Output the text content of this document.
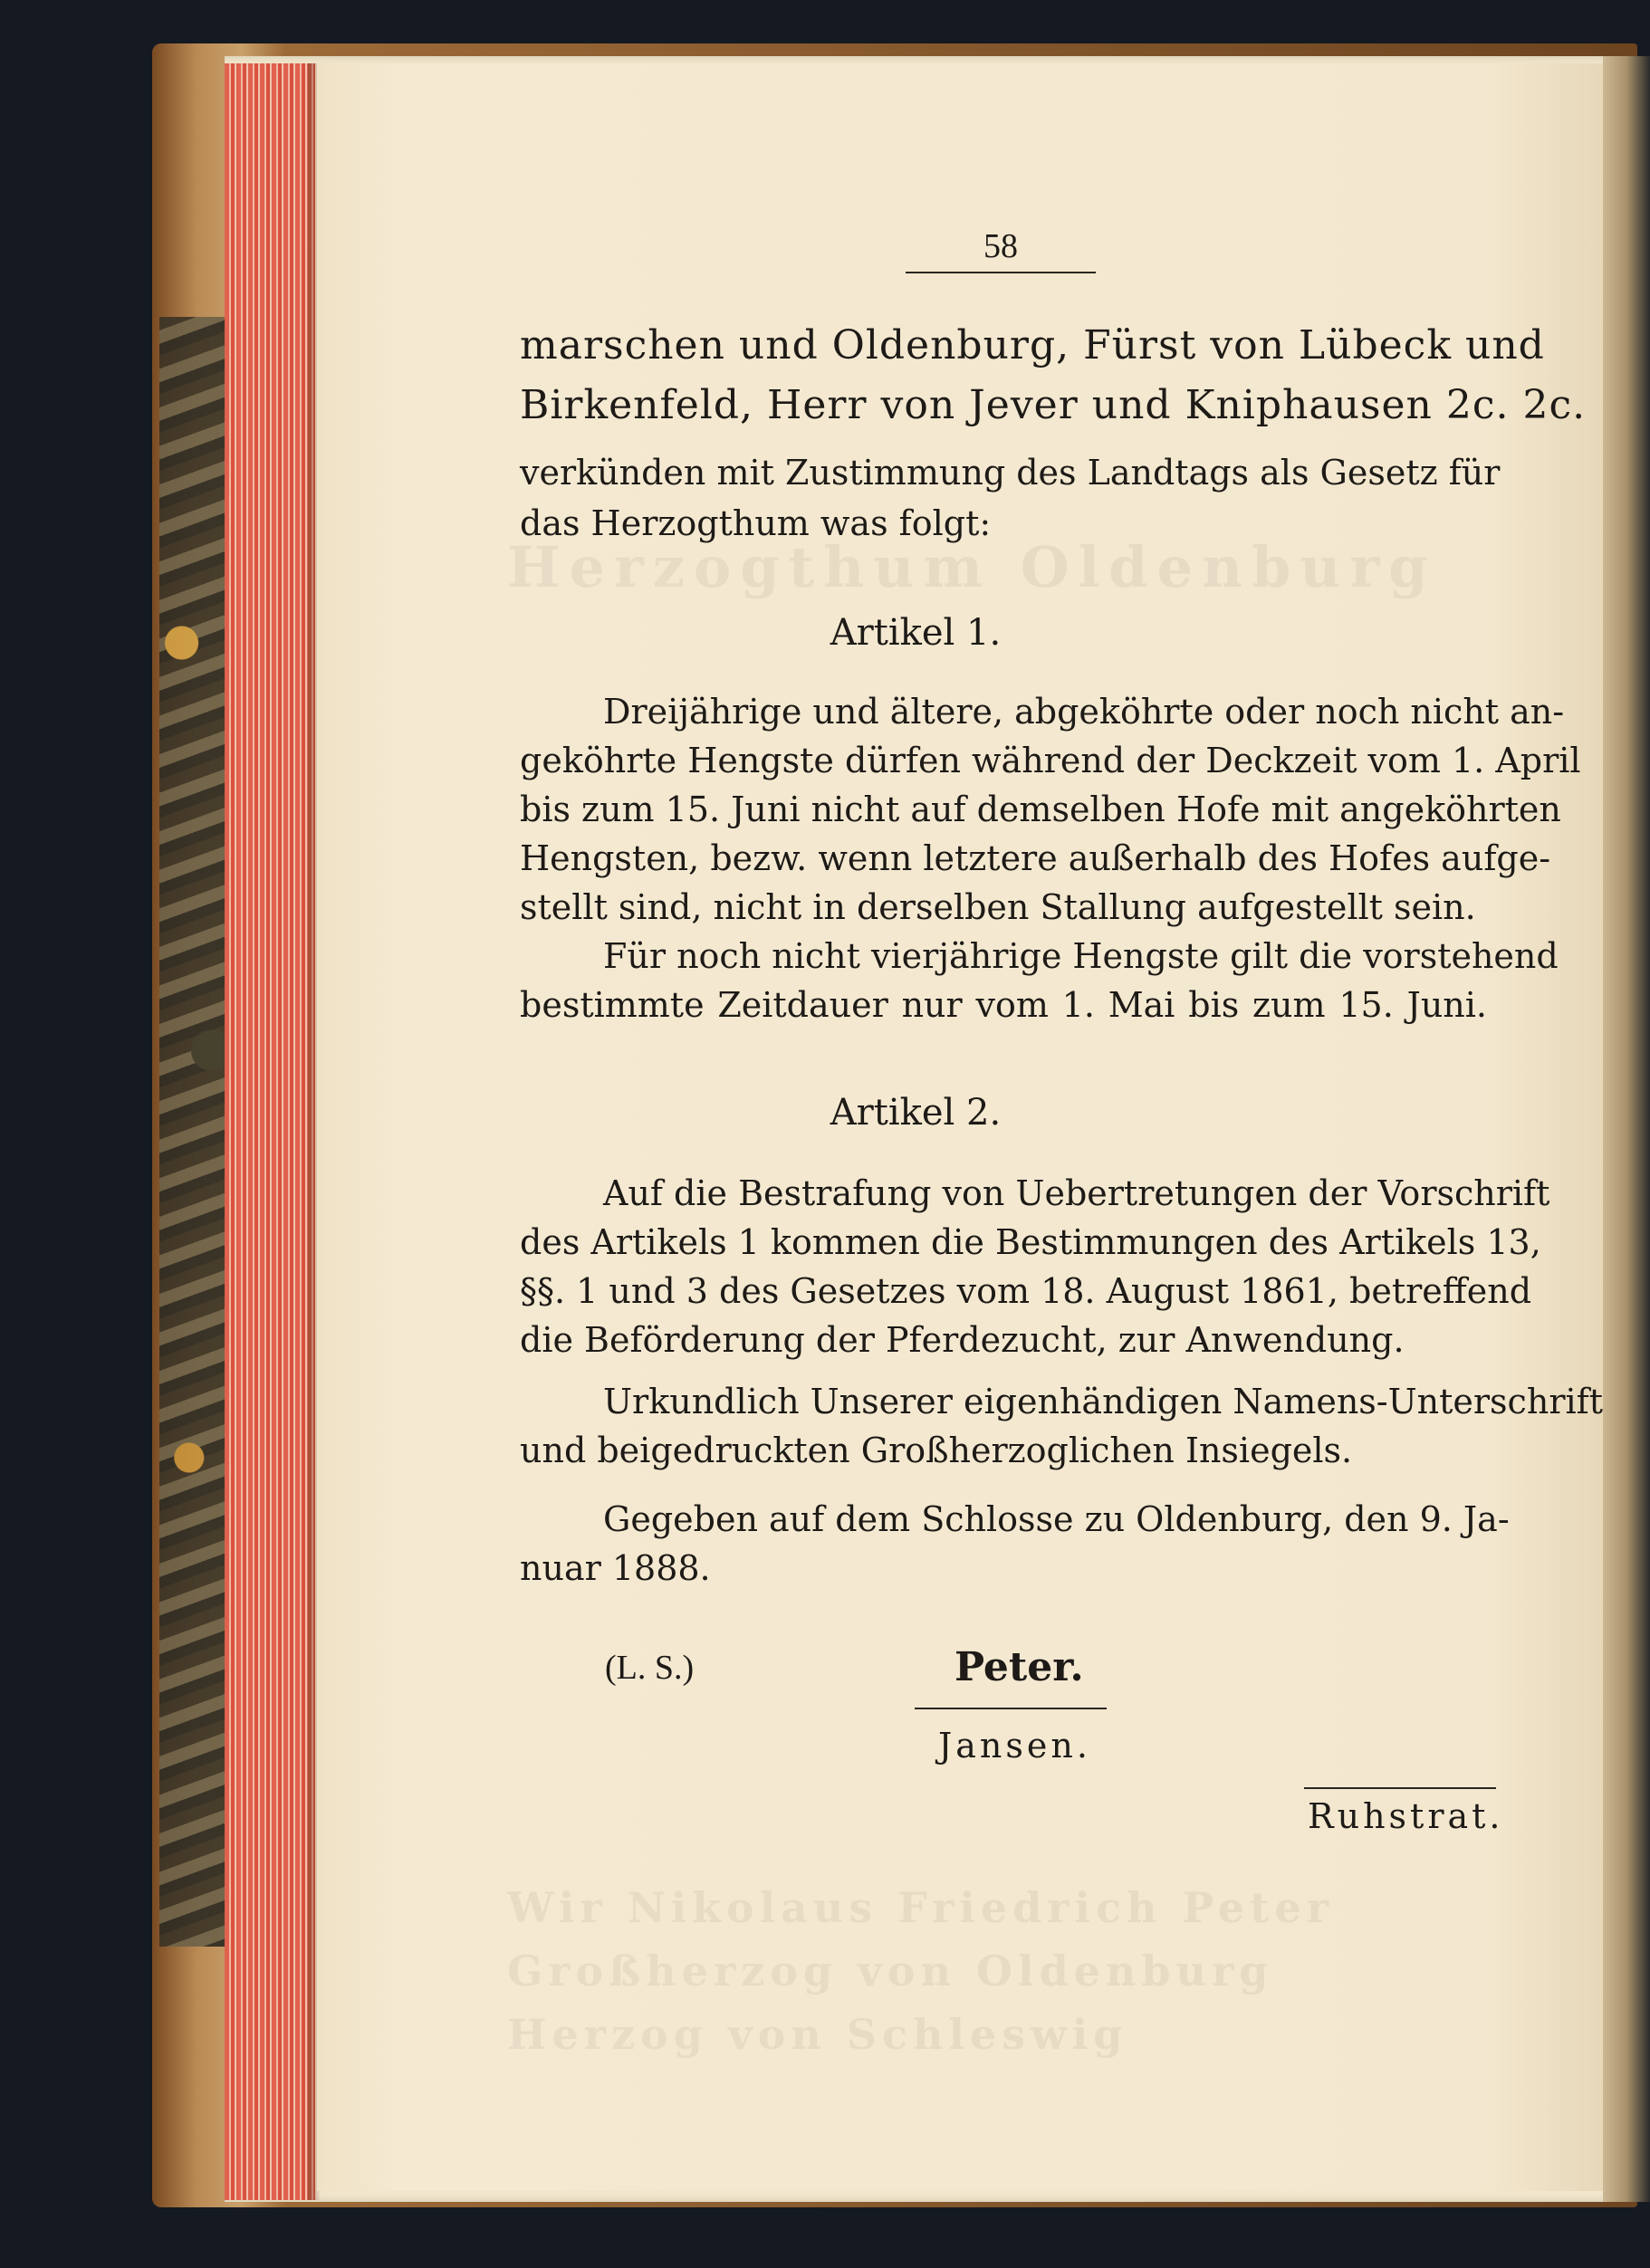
Herzogthum Oldenburg
Wir Nikolaus Friedrich Peter
Großherzog von Oldenburg
Herzog von Schleswig
58
marschen und Oldenburg, Fürst von Lübeck und
Birkenfeld, Herr von Jever und Kniphausen 2c. 2c.
verkünden mit Zustimmung des Landtags als Gesetz für
das Herzogthum was folgt:
Artikel 1.
Dreijährige und ältere, abgeköhrte oder noch nicht an-
geköhrte Hengste dürfen während der Deckzeit vom 1. April
bis zum 15. Juni nicht auf demselben Hofe mit angeköhrten
Hengsten, bezw. wenn letztere außerhalb des Hofes aufge-
stellt sind, nicht in derselben Stallung aufgestellt sein.
Für noch nicht vierjährige Hengste gilt die vorstehend
bestimmte Zeitdauer nur vom 1. Mai bis zum 15. Juni.
Artikel 2.
Auf die Bestrafung von Uebertretungen der Vorschrift
des Artikels 1 kommen die Bestimmungen des Artikels 13,
§§. 1 und 3 des Gesetzes vom 18. August 1861, betreffend
die Beförderung der Pferdezucht, zur Anwendung.
Urkundlich Unserer eigenhändigen Namens-Unterschrift
und beigedruckten Großherzoglichen Insiegels.
Gegeben auf dem Schlosse zu Oldenburg, den 9. Ja-
nuar 1888.
(L. S.)	Peter.
Jansen.
Ruhstrat.
